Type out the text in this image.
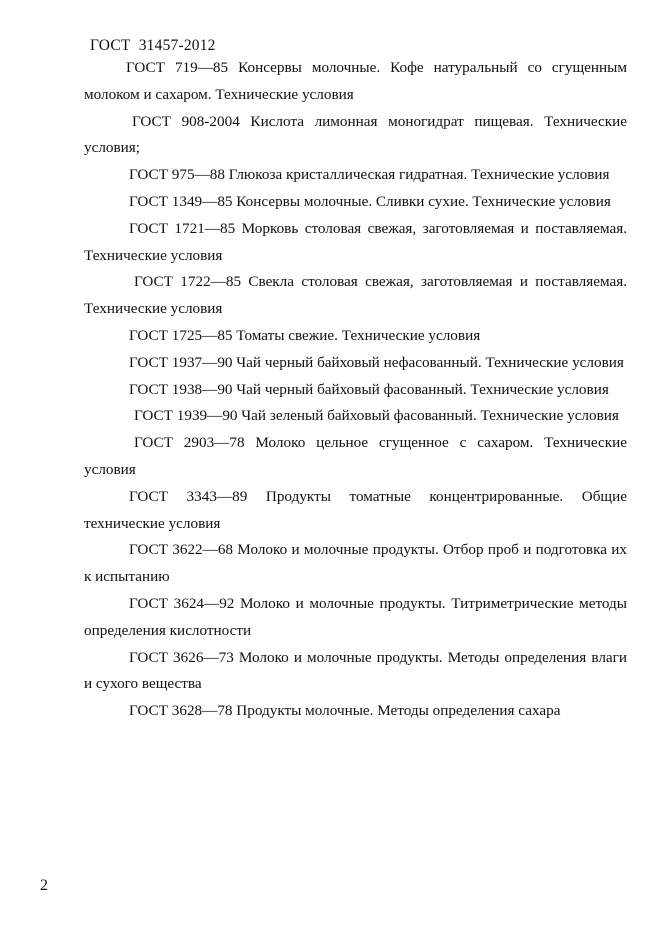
ГОСТ  31457-2012

ГОСТ 719—85 Консервы молочные. Кофе натуральный со сгущенным молоком и сахаром. Технические условия

ГОСТ 908-2004 Кислота лимонная моногидрат пищевая. Технические условия;

ГОСТ 975—88 Глюкоза кристаллическая гидратная. Технические условия

ГОСТ 1349—85 Консервы молочные. Сливки сухие. Технические условия

ГОСТ 1721—85 Морковь столовая свежая, заготовляемая и поставляемая. Технические условия

ГОСТ 1722—85 Свекла столовая свежая, заготовляемая и поставляемая. Технические условия

ГОСТ 1725—85 Томаты свежие. Технические условия

ГОСТ 1937—90 Чай черный байховый нефасованный. Технические условия

ГОСТ 1938—90 Чай черный байховый фасованный. Технические условия

ГОСТ 1939—90 Чай зеленый байховый фасованный. Технические условия

ГОСТ 2903—78 Молоко цельное сгущенное с сахаром. Технические условия

ГОСТ 3343—89 Продукты томатные концентрированные. Общие технические условия

ГОСТ 3622—68 Молоко и молочные продукты. Отбор проб и подготовка их к испытанию

ГОСТ 3624—92 Молоко и молочные продукты. Титриметрические методы определения кислотности

ГОСТ 3626—73 Молоко и молочные продукты. Методы определения влаги и сухого вещества

ГОСТ 3628—78 Продукты молочные. Методы определения сахара

2
